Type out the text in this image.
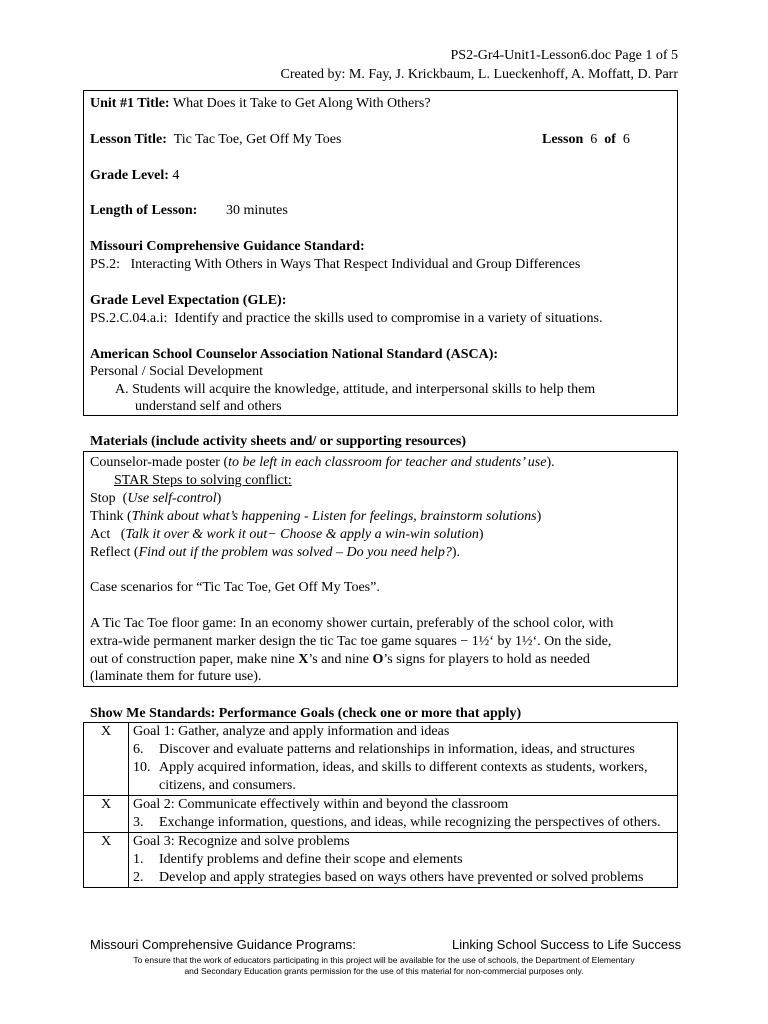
PS2-Gr4-Unit1-Lesson6.doc Page 1 of 5
Created by: M. Fay, J. Krickbaum, L. Lueckenhoff, A. Moffatt, D. Parr
Unit #1 Title: What Does it Take to Get Along With Others?
Lesson Title: Tic Tac Toe, Get Off My Toes	Lesson 6 of 6
Grade Level: 4
Length of Lesson: 30 minutes
Missouri Comprehensive Guidance Standard:
PS.2:   Interacting With Others in Ways That Respect Individual and Group Differences
Grade Level Expectation (GLE):
PS.2.C.04.a.i:  Identify and practice the skills used to compromise in a variety of situations.
American School Counselor Association National Standard (ASCA):
Personal / Social Development
A. Students will acquire the knowledge, attitude, and interpersonal skills to help them
understand self and others
Materials (include activity sheets and/ or supporting resources)
Counselor-made poster (to be left in each classroom for teacher and students’ use).
STAR Steps to solving conflict:
Stop  (Use self-control)
Think (Think about what’s happening - Listen for feelings, brainstorm solutions)
Act   (Talk it over & work it out− Choose & apply a win-win solution)
Reflect (Find out if the problem was solved – Do you need help?).
Case scenarios for “Tic Tac Toe, Get Off My Toes”.
A Tic Tac Toe floor game: In an economy shower curtain, preferably of the school color, with
extra-wide permanent marker design the tic Tac toe game squares − 1½‘ by 1½‘. On the side,
out of construction paper, make nine X’s and nine O’s signs for players to hold as needed
(laminate them for future use).
Show Me Standards: Performance Goals (check one or more that apply)
X	Goal 1: Gather, analyze and apply information and ideas
6. Discover and evaluate patterns and relationships in information, ideas, and structures
10. Apply acquired information, ideas, and skills to different contexts as students, workers, citizens, and consumers.

X	Goal 2: Communicate effectively within and beyond the classroom
3. Exchange information, questions, and ideas, while recognizing the perspectives of others.

X	Goal 3: Recognize and solve problems
1. Identify problems and define their scope and elements
2. Develop and apply strategies based on ways others have prevented or solved problems
Missouri Comprehensive Guidance Programs:	Linking School Success to Life Success
To ensure that the work of educators participating in this project will be available for the use of schools, the Department of Elementary
and Secondary Education grants permission for the use of this material for non-commercial purposes only.
